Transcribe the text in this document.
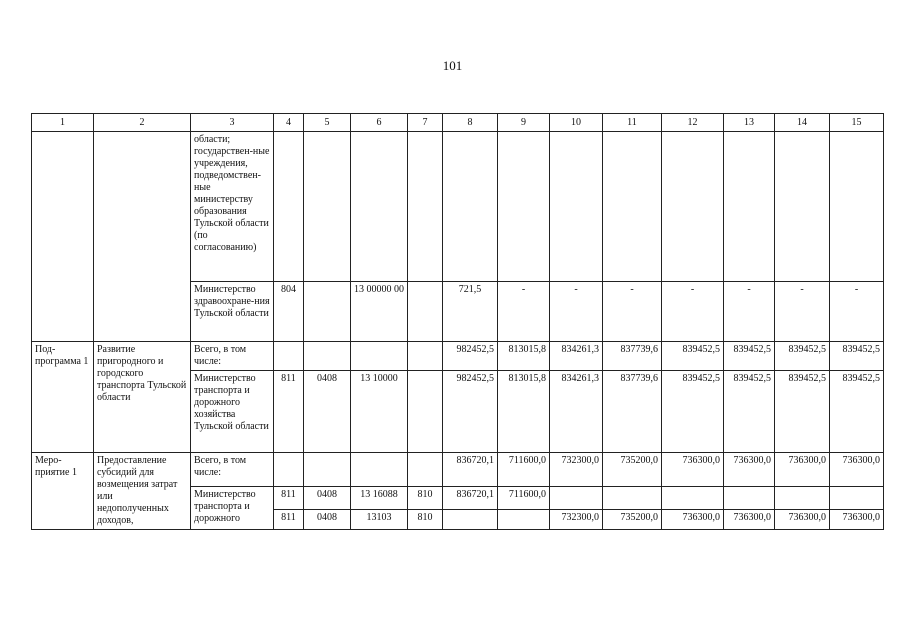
101
1	2	3	4	5	6	7	8	9	10	11	12	13	14	15
		области; государствен-ные учреждения, подведомствен-ные министерству образования Тульской области (по согласованию)												
		Министерство здравоохране-ния Тульской области	804		13 00000 00		721,5	-	-	-	-	-	-	-
Под-программа 1	Развитие пригородного и городского транспорта Тульской области	Всего, в том числе:					982452,5	813015,8	834261,3	837739,6	839452,5	839452,5	839452,5	839452,5
		Министерство транспорта и дорожного хозяйства Тульской области	811	0408	13 10000		982452,5	813015,8	834261,3	837739,6	839452,5	839452,5	839452,5	839452,5
Меро-приятие 1	Предоставление субсидий для возмещения затрат или недополученных доходов,	Всего, в том числе:					836720,1	711600,0	732300,0	735200,0	736300,0	736300,0	736300,0	736300,0
		Министерство транспорта и дорожного	811	0408	13 16088	810	836720,1	711600,0						
			811	0408	13103	810			732300,0	735200,0	736300,0	736300,0	736300,0	736300,0
